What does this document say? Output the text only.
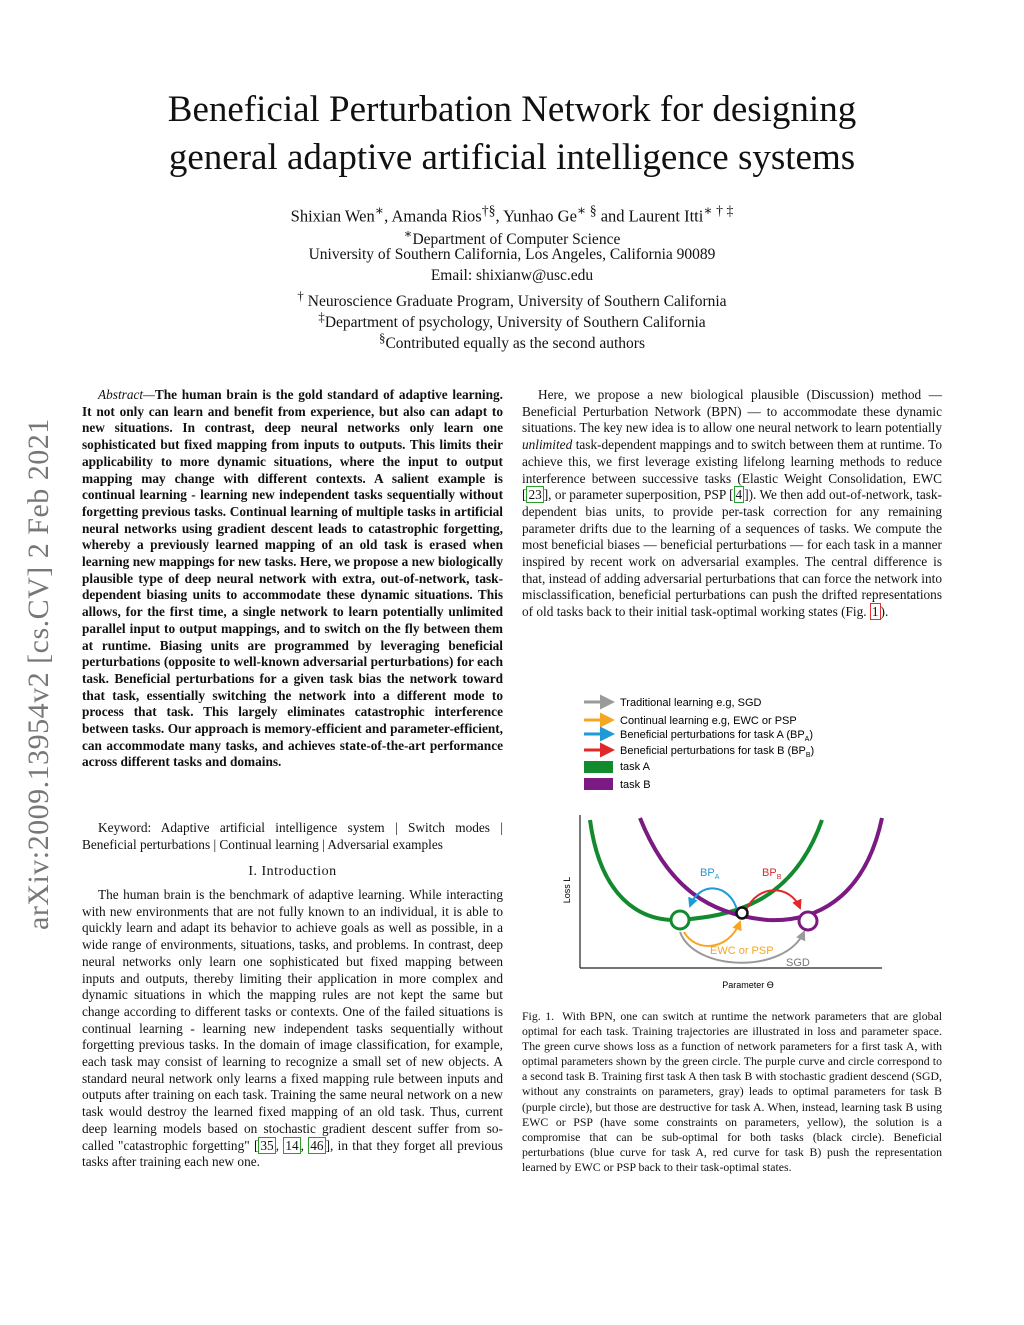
Beneficial Perturbation Network for designing
general adaptive artificial intelligence systems
Shixian Wen∗, Amanda Rios†§, Yunhao Ge∗ § and Laurent Itti∗ † ‡
∗Department of Computer Science
University of Southern California, Los Angeles, California 90089
Email: shixianw@usc.edu
† Neuroscience Graduate Program, University of Southern California
‡Department of psychology, University of Southern California
§Contributed equally as the second authors
arXiv:2009.13954v2 [cs.CV] 2 Feb 2021

Abstract—The human brain is the gold standard of adaptive learning. It not only can learn and benefit from experience, but also can adapt to new situations. In contrast, deep neural networks only learn one sophisticated but fixed mapping from inputs to outputs. This limits their applicability to more dynamic situations, where the input to output mapping may change with different contexts. A salient example is continual learning - learning new independent tasks sequentially without forgetting previous tasks. Continual learning of multiple tasks in artificial neural networks using gradient descent leads to catastrophic forgetting, whereby a previously learned mapping of an old task is erased when learning new mappings for new tasks. Here, we propose a new biologically plausible type of deep neural network with extra, out-of-network, task-dependent biasing units to accommodate these dynamic situations. This allows, for the first time, a single network to learn potentially unlimited parallel input to output mappings, and to switch on the fly between them at runtime. Biasing units are programmed by leveraging beneficial perturbations (opposite to well-known adversarial perturbations) for each task. Beneficial perturbations for a given task bias the network toward that task, essentially switching the network into a different mode to process that task. This largely eliminates catastrophic interference between tasks. Our approach is memory-efficient and parameter-efficient, can accommodate many tasks, and achieves state-of-the-art performance across different tasks and domains.

Keyword: Adaptive artificial intelligence system | Switch modes | Beneficial perturbations | Continual learning | Adversarial examples

I. Introduction

The human brain is the benchmark of adaptive learning. While interacting with new environments that are not fully known to an individual, it is able to quickly learn and adapt its behavior to achieve goals as well as possible, in a wide range of environments, situations, tasks, and problems. In contrast, deep neural networks only learn one sophisticated but fixed mapping between inputs and outputs, thereby limiting their application in more complex and dynamic situations in which the mapping rules are not kept the same but change according to different tasks or contexts. One of the failed situations is continual learning - learning new independent tasks sequentially without forgetting previous tasks. In the domain of image classification, for example, each task may consist of learning to recognize a small set of new objects. A standard neural network only learns a fixed mapping rule between inputs and outputs after training on each task. Training the same neural network on a new task would destroy the learned fixed mapping of an old task. Thus, current deep learning models based on stochastic gradient descent suffer from so-called "catastrophic forgetting" [ 35 , 14 , 46 ], in that they forget all previous tasks after training each new one.

Here, we propose a new biological plausible (Discussion) method — Beneficial Perturbation Network (BPN) — to accommodate these dynamic situations. The key new idea is to allow one neural network to learn potentially unlimited task-dependent mappings and to switch between them at runtime. To achieve this, we first leverage existing lifelong learning methods to reduce interference between successive tasks (Elastic Weight Consolidation, EWC [ 23 ], or parameter superposition, PSP [ 4 ]). We then add out-of-network, task-dependent bias units, to provide per-task correction for any remaining parameter drifts due to the learning of a sequences of tasks. We compute the most beneficial biases — beneficial perturbations — for each task in a manner inspired by recent work on adversarial examples. The central difference is that, instead of adding adversarial perturbations that can force the network into misclassification, beneficial perturbations can push the drifted representations of old tasks back to their initial task-optimal working states (Fig. 1 ).

Traditional learning e.g, SGD
Continual learning e.g, EWC or PSP
Beneficial perturbations for task A $(BP_A)$
Beneficial perturbations for task B $(BP_B)$
task A
task B
Loss L
Parameter ϴ
$BP_A$	$BP_B$
EWC or PSP
SGD
Fig. 1. With BPN, one can switch at runtime the network parameters that are global optimal for each task. Training trajectories are illustrated in loss and parameter space. The green curve shows loss as a function of network parameters for a first task A, with optimal parameters shown by the green circle. The purple curve and circle correspond to a second task B. Training first task A then task B with stochastic gradient descend (SGD, without any constraints on parameters, gray) leads to optimal parameters for task B (purple circle), but those are destructive for task A. When, instead, learning task B using EWC or PSP (have some constraints on parameters, yellow), the solution is a compromise that can be sub-optimal for both tasks (black circle). Beneficial perturbations (blue curve for task A, red curve for task B) push the representation learned by EWC or PSP back to their task-optimal states.
